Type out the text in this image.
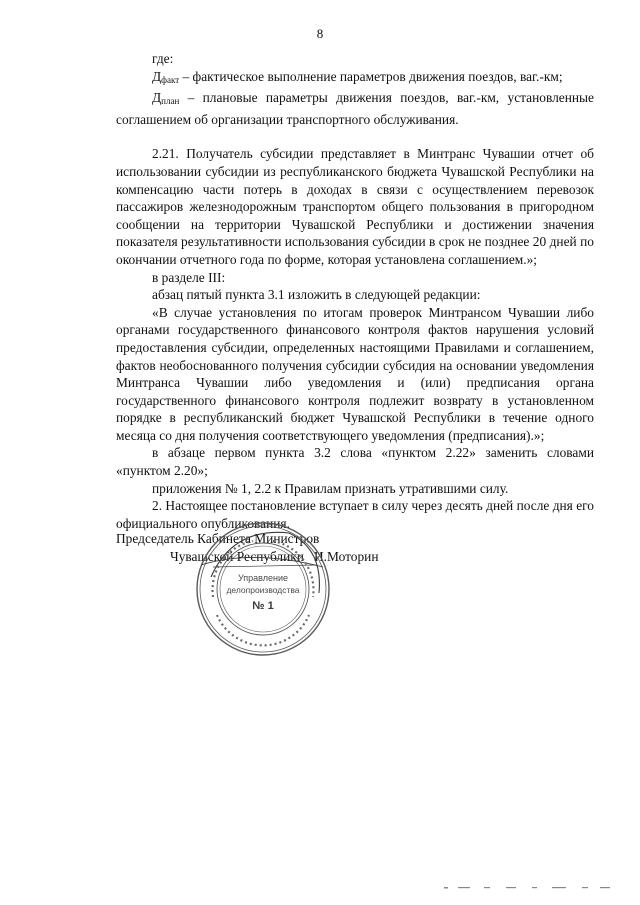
8

где:

$Д_{факт}$ – фактическое выполнение параметров движения поездов, ваг.-км;

$Д_{план}$ – плановые параметры движения поездов, ваг.-км, установленные соглашением об организации транспортного обслуживания.

2.21. Получатель субсидии представляет в Минтранс Чувашии отчет об использовании субсидии из республиканского бюджета Чувашской Республики на компенсацию части потерь в доходах в связи с осуществлением перевозок пассажиров железнодорожным транспортом общего пользования в пригородном сообщении на территории Чувашской Республики и достижении значения показателя результативности использования субсидии в срок не позднее 20 дней по окончании отчетного года по форме, которая установлена соглашением.»;

в разделе III:

абзац пятый пункта 3.1 изложить в следующей редакции:

«В случае установления по итогам проверок Минтрансом Чувашии либо органами государственного финансового контроля фактов нарушения условий предоставления субсидии, определенных настоящими Правилами и соглашением, фактов необоснованного получения субсидии субсидия на основании уведомления Минтранса Чувашии либо уведомления и (или) предписания органа государственного финансового контроля подлежит возврату в установленном порядке в республиканский бюджет Чувашской Республики в течение одного месяца со дня получения соответствующего уведомления (предписания).»;

в абзаце первом пункта 3.2 слова «пунктом 2.22» заменить словами «пунктом 2.20»;

приложения № 1, 2.2 к Правилам признать утратившими силу.

2. Настоящее постановление вступает в силу через десять дней после дня его официального опубликования.

Председатель Кабинета Министров
Чувашской Республики И.Моторин
Управление
делопроизводства
№ 1
